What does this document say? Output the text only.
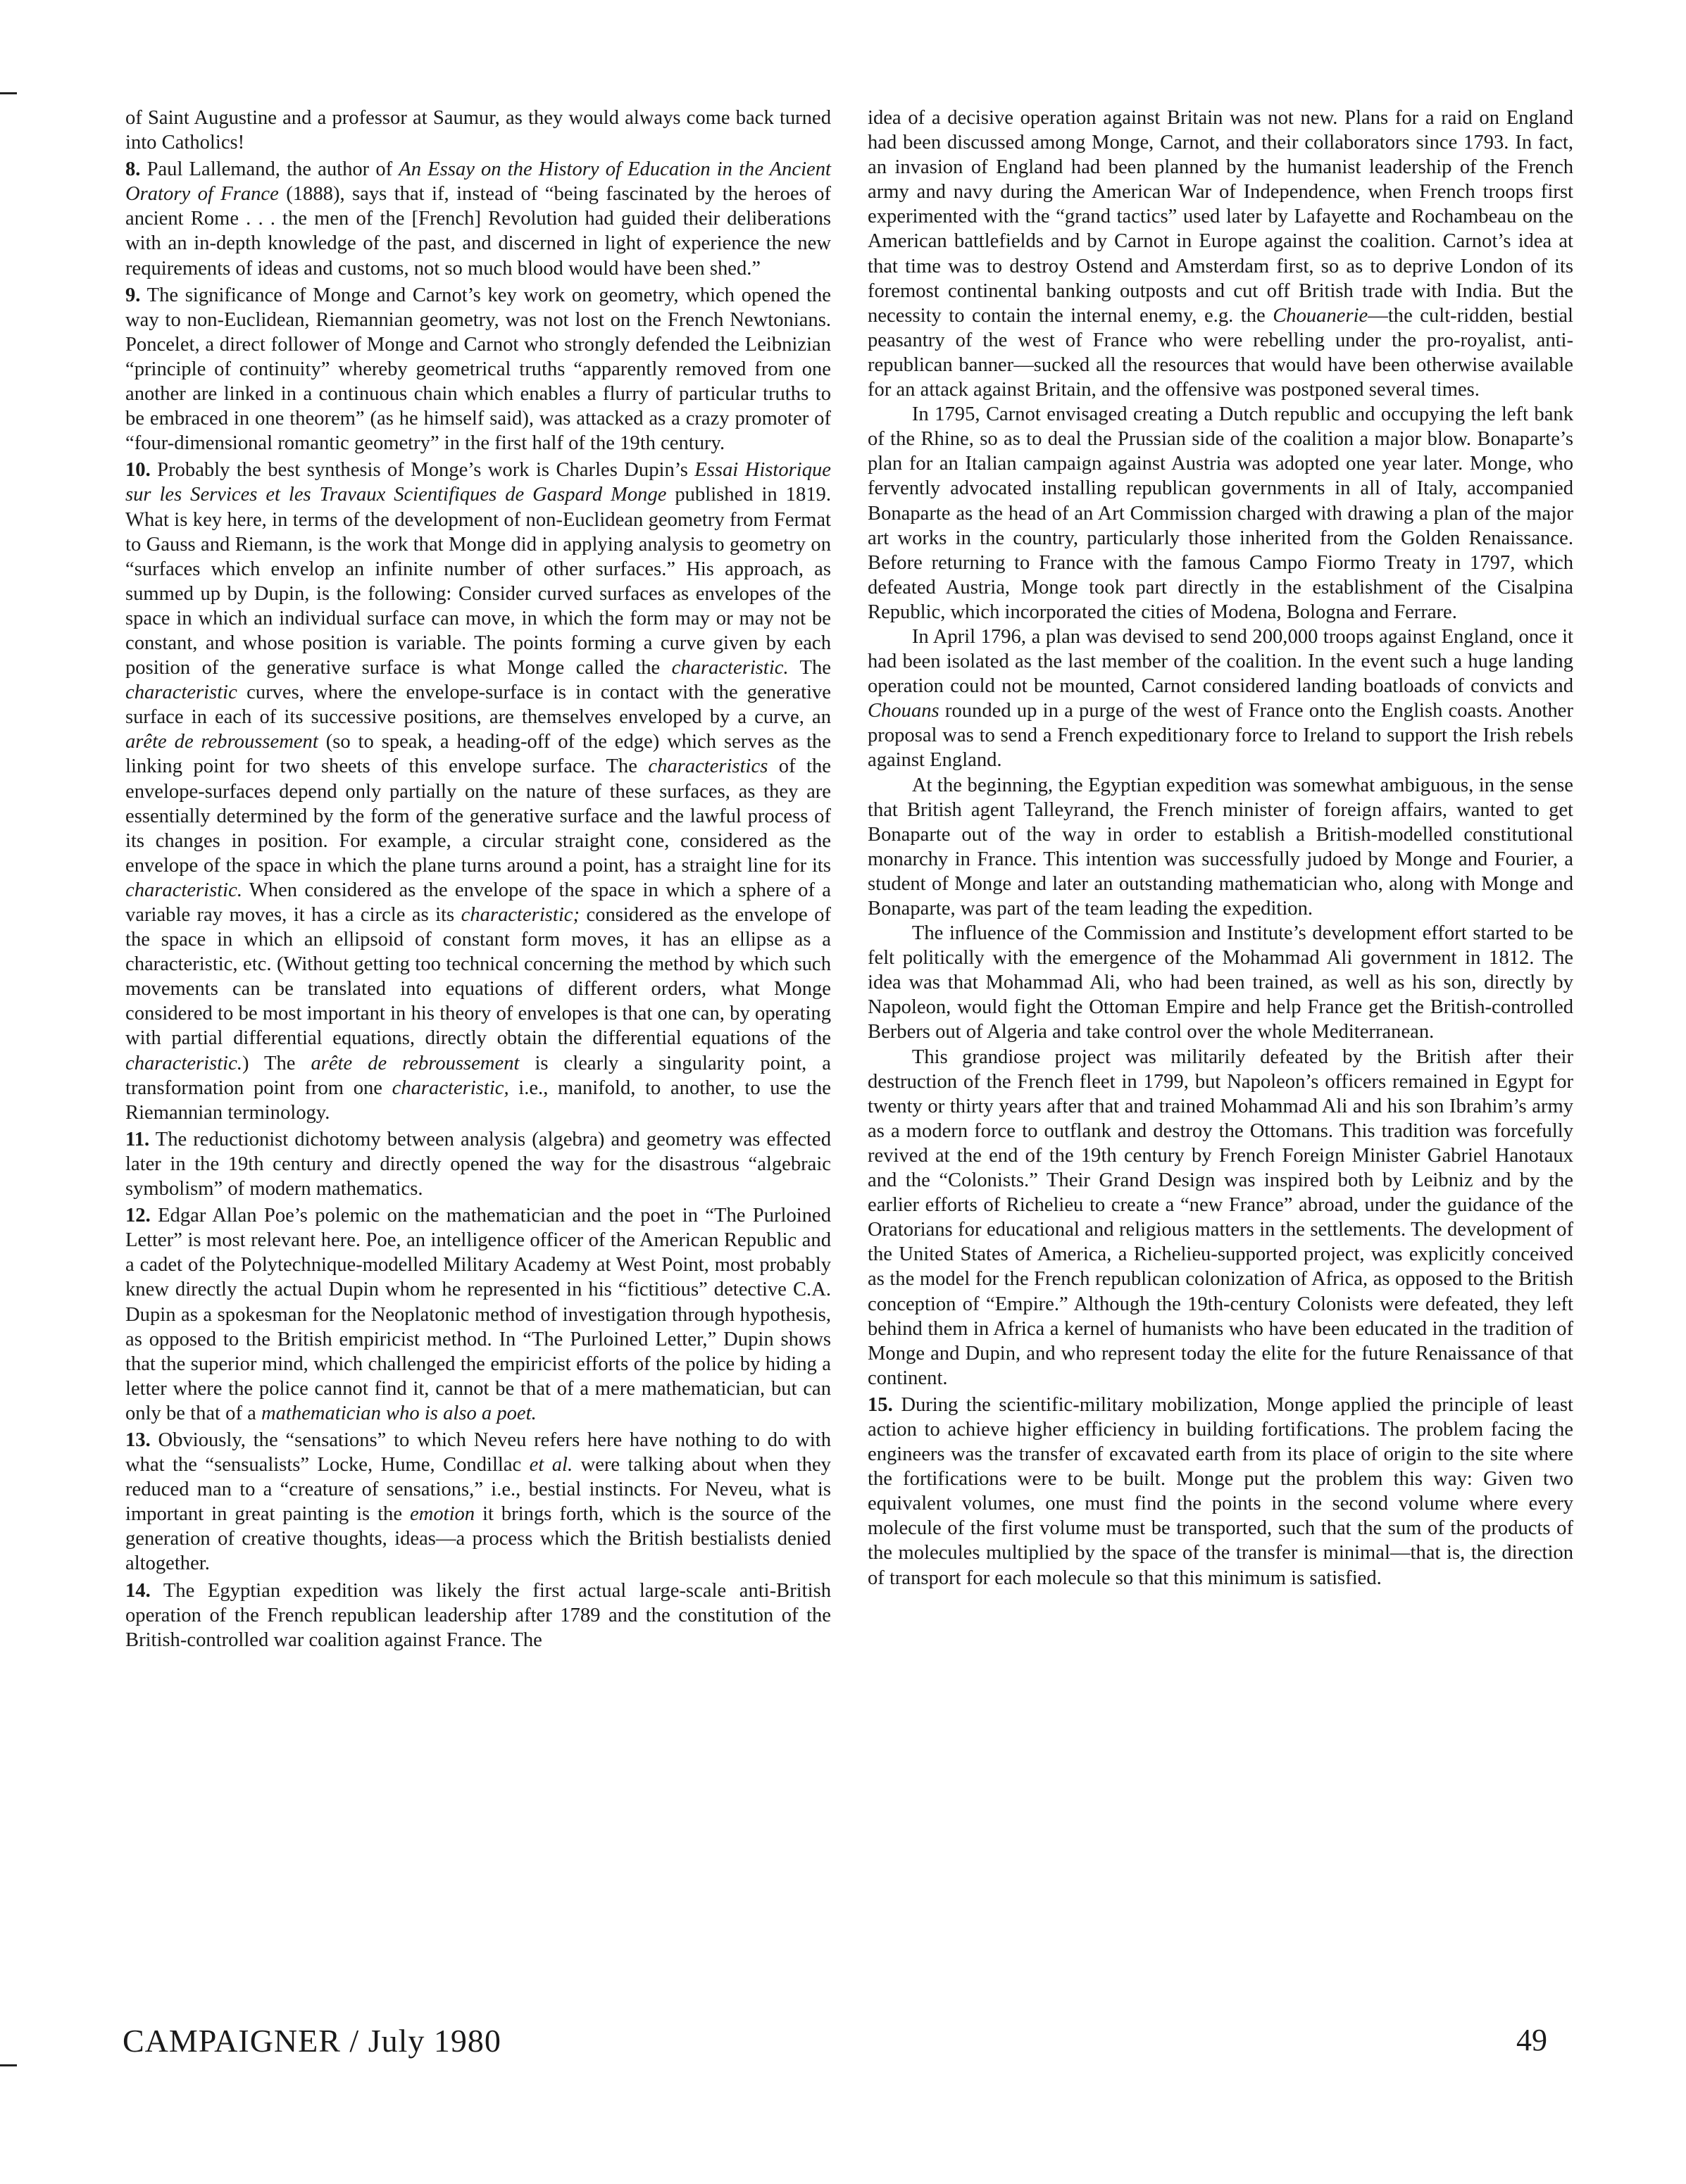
of Saint Augustine and a professor at Saumur, as they would always come back turned into Catholics!

8. Paul Lallemand, the author of An Essay on the History of Education in the Ancient Oratory of France (1888), says that if, instead of “being fascinated by the heroes of ancient Rome . . . the men of the [French] Revolution had guided their deliberations with an in-depth knowledge of the past, and discerned in light of experience the new requirements of ideas and customs, not so much blood would have been shed.”

9. The significance of Monge and Carnot’s key work on geometry, which opened the way to non-Euclidean, Riemannian geometry, was not lost on the French Newtonians. Poncelet, a direct follower of Monge and Carnot who strongly defended the Leibnizian “principle of continuity” whereby geometrical truths “apparently removed from one another are linked in a continuous chain which enables a flurry of particular truths to be embraced in one theorem” (as he himself said), was attacked as a crazy promoter of “four-dimensional romantic geometry” in the first half of the 19th century.

10. Probably the best synthesis of Monge’s work is Charles Dupin’s Essai Historique sur les Services et les Travaux Scientifiques de Gaspard Monge published in 1819. What is key here, in terms of the development of non-Euclidean geometry from Fermat to Gauss and Riemann, is the work that Monge did in applying analysis to geometry on “surfaces which envelop an infinite number of other surfaces.” His approach, as summed up by Dupin, is the following: Consider curved surfaces as envelopes of the space in which an individual surface can move, in which the form may or may not be constant, and whose position is variable. The points forming a curve given by each position of the generative surface is what Monge called the characteristic. The characteristic curves, where the envelope-surface is in contact with the generative surface in each of its successive positions, are themselves enveloped by a curve, an arête de rebroussement (so to speak, a heading-off of the edge) which serves as the linking point for two sheets of this envelope surface. The characteristics of the envelope-surfaces depend only partially on the nature of these surfaces, as they are essentially determined by the form of the generative surface and the lawful process of its changes in position. For example, a circular straight cone, considered as the envelope of the space in which the plane turns around a point, has a straight line for its characteristic. When considered as the envelope of the space in which a sphere of a variable ray moves, it has a circle as its characteristic; considered as the envelope of the space in which an ellipsoid of constant form moves, it has an ellipse as a characteristic, etc. (Without getting too technical concerning the method by which such movements can be translated into equations of different orders, what Monge considered to be most important in his theory of envelopes is that one can, by operating with partial differential equations, directly obtain the differential equations of the characteristic.) The arête de rebroussement is clearly a singularity point, a transformation point from one characteristic, i.e., manifold, to another, to use the Riemannian terminology.

11. The reductionist dichotomy between analysis (algebra) and geometry was effected later in the 19th century and directly opened the way for the disastrous “algebraic symbolism” of modern mathematics.

12. Edgar Allan Poe’s polemic on the mathematician and the poet in “The Purloined Letter” is most relevant here. Poe, an intelligence officer of the American Republic and a cadet of the Polytechnique-modelled Military Academy at West Point, most probably knew directly the actual Dupin whom he represented in his “fictitious” detective C.A. Dupin as a spokesman for the Neoplatonic method of investigation through hypothesis, as opposed to the British empiricist method. In “The Purloined Letter,” Dupin shows that the superior mind, which challenged the empiricist efforts of the police by hiding a letter where the police cannot find it, cannot be that of a mere mathematician, but can only be that of a mathematician who is also a poet.

13. Obviously, the “sensations” to which Neveu refers here have nothing to do with what the “sensualists” Locke, Hume, Condillac et al. were talking about when they reduced man to a “creature of sensations,” i.e., bestial instincts. For Neveu, what is important in great painting is the emotion it brings forth, which is the source of the generation of creative thoughts, ideas—a process which the British bestialists denied altogether.

14. The Egyptian expedition was likely the first actual large-scale anti-British operation of the French republican leadership after 1789 and the constitution of the British-controlled war coalition against France. The

idea of a decisive operation against Britain was not new. Plans for a raid on England had been discussed among Monge, Carnot, and their collaborators since 1793. In fact, an invasion of England had been planned by the humanist leadership of the French army and navy during the American War of Independence, when French troops first experimented with the “grand tactics” used later by Lafayette and Rochambeau on the American battlefields and by Carnot in Europe against the coalition. Carnot’s idea at that time was to destroy Ostend and Amsterdam first, so as to deprive London of its foremost continental banking outposts and cut off British trade with India. But the necessity to contain the internal enemy, e.g. the Chouanerie—the cult-ridden, bestial peasantry of the west of France who were rebelling under the pro-royalist, anti-republican banner—sucked all the resources that would have been otherwise available for an attack against Britain, and the offensive was postponed several times.

In 1795, Carnot envisaged creating a Dutch republic and occupying the left bank of the Rhine, so as to deal the Prussian side of the coalition a major blow. Bonaparte’s plan for an Italian campaign against Austria was adopted one year later. Monge, who fervently advocated installing republican governments in all of Italy, accompanied Bonaparte as the head of an Art Commission charged with drawing a plan of the major art works in the country, particularly those inherited from the Golden Renaissance. Before returning to France with the famous Campo Fiormo Treaty in 1797, which defeated Austria, Monge took part directly in the establishment of the Cisalpina Republic, which incorporated the cities of Modena, Bologna and Ferrare.

In April 1796, a plan was devised to send 200,000 troops against England, once it had been isolated as the last member of the coalition. In the event such a huge landing operation could not be mounted, Carnot considered landing boatloads of convicts and Chouans rounded up in a purge of the west of France onto the English coasts. Another proposal was to send a French expeditionary force to Ireland to support the Irish rebels against England.

At the beginning, the Egyptian expedition was somewhat ambiguous, in the sense that British agent Talleyrand, the French minister of foreign affairs, wanted to get Bonaparte out of the way in order to establish a British-modelled constitutional monarchy in France. This intention was successfully judoed by Monge and Fourier, a student of Monge and later an outstanding mathematician who, along with Monge and Bonaparte, was part of the team leading the expedition.

The influence of the Commission and Institute’s development effort started to be felt politically with the emergence of the Mohammad Ali government in 1812. The idea was that Mohammad Ali, who had been trained, as well as his son, directly by Napoleon, would fight the Ottoman Empire and help France get the British-controlled Berbers out of Algeria and take control over the whole Mediterranean.

This grandiose project was militarily defeated by the British after their destruction of the French fleet in 1799, but Napoleon’s officers remained in Egypt for twenty or thirty years after that and trained Mohammad Ali and his son Ibrahim’s army as a modern force to outflank and destroy the Ottomans. This tradition was forcefully revived at the end of the 19th century by French Foreign Minister Gabriel Hanotaux and the “Colonists.” Their Grand Design was inspired both by Leibniz and by the earlier efforts of Richelieu to create a “new France” abroad, under the guidance of the Oratorians for educational and religious matters in the settlements. The development of the United States of America, a Richelieu-supported project, was explicitly conceived as the model for the French republican colonization of Africa, as opposed to the British conception of “Empire.” Although the 19th-century Colonists were defeated, they left behind them in Africa a kernel of humanists who have been educated in the tradition of Monge and Dupin, and who represent today the elite for the future Renaissance of that continent.

15. During the scientific-military mobilization, Monge applied the principle of least action to achieve higher efficiency in building fortifications. The problem facing the engineers was the transfer of excavated earth from its place of origin to the site where the fortifications were to be built. Monge put the problem this way: Given two equivalent volumes, one must find the points in the second volume where every molecule of the first volume must be transported, such that the sum of the products of the molecules multiplied by the space of the transfer is minimal—that is, the direction of transport for each molecule so that this minimum is satisfied.

CAMPAIGNER / July 1980	49
